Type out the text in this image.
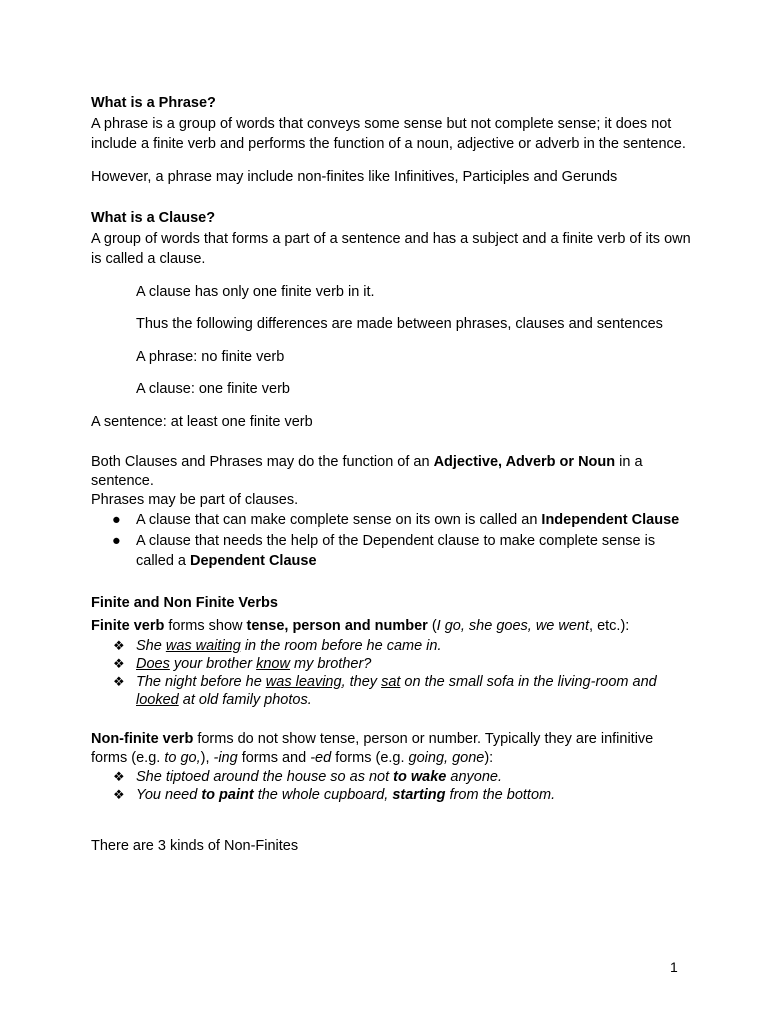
What is a Phrase?

A phrase is a group of words that conveys some sense but not complete sense; it does not include a finite verb and performs the function of a noun, adjective or adverb in the sentence.

However, a phrase may include non-finites like Infinitives, Participles and Gerunds

What is a Clause?

A group of words that forms a part of a sentence and has a subject and a finite verb of its own is called a clause.

A clause has only one finite verb in it.

Thus the following differences are made between phrases, clauses and sentences

A phrase: no finite verb

A clause: one finite verb

A sentence: at least one finite verb

Both Clauses and Phrases may do the function of an Adjective, Adverb or Noun in a sentence.

Phrases may be part of clauses.

● A clause that can make complete sense on its own is called an Independent Clause
● A clause that needs the help of the Dependent clause to make complete sense is called a Dependent Clause

Finite and Non Finite Verbs

Finite verb forms show tense, person and number (I go, she goes, we went, etc.):

❖ She was waiting in the room before he came in.
❖ Does your brother know my brother?
❖ The night before he was leaving, they sat on the small sofa in the living-room and looked at old family photos.

Non-finite verb forms do not show tense, person or number. Typically they are infinitive forms (e.g. to go,), -ing forms and -ed forms (e.g. going, gone):

❖ She tiptoed around the house so as not to wake anyone.
❖ You need to paint the whole cupboard, starting from the bottom.

There are 3 kinds of Non-Finites

1
